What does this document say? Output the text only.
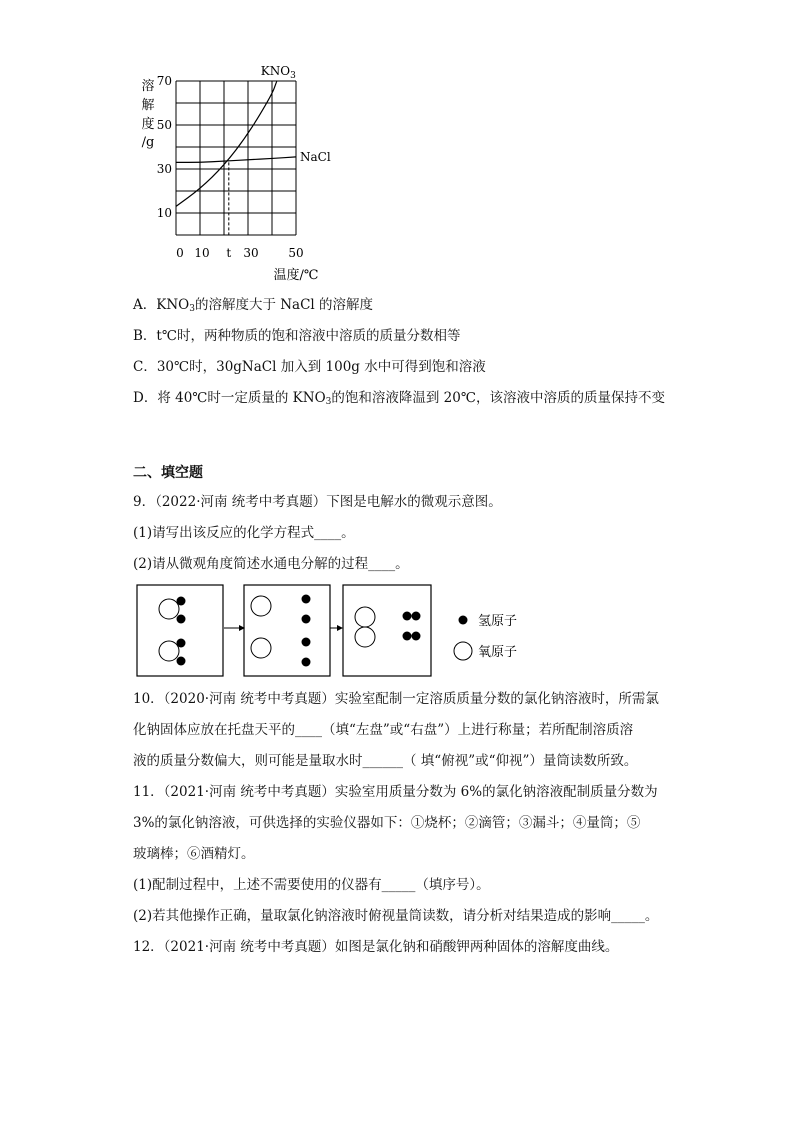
70
50
30
10
0 10 t 30 50
$KNO_3$
NaCl
溶
解
度
/g
温度/℃
A．$KNO_3$的溶解度大于 NaCl 的溶解度
B．t℃时，两种物质的饱和溶液中溶质的质量分数相等
C．30℃时，30gNaCl 加入到 100g 水中可得到饱和溶液
D．将 40℃时一定质量的 $KNO_3$的饱和溶液降温到 20℃，该溶液中溶质的质量保持不变
二、填空题
9．（2022·河南 统考中考真题）下图是电解水的微观示意图。
(1)请写出该反应的化学方程式____。
(2)请从微观角度简述水通电分解的过程____。
氢原子
氧原子
10．（2020·河南 统考中考真题）实验室配制一定溶质质量分数的氯化钠溶液时，所需氯
化钠固体应放在托盘天平的____（填“左盘”或“右盘”）上进行称量；若所配制溶质溶
液的质量分数偏大，则可能是量取水时______（ 填“俯视”或“仰视”）量筒读数所致。
11．（2021·河南 统考中考真题）实验室用质量分数为 6%的氯化钠溶液配制质量分数为
3%的氯化钠溶液，可供选择的实验仪器如下：①烧杯；②滴管；③漏斗；④量筒；⑤
玻璃棒；⑥酒精灯。
(1)配制过程中，上述不需要使用的仪器有_____（填序号）。
(2)若其他操作正确，量取氯化钠溶液时俯视量筒读数，请分析对结果造成的影响_____。
12．（2021·河南 统考中考真题）如图是氯化钠和硝酸钾两种固体的溶解度曲线。
